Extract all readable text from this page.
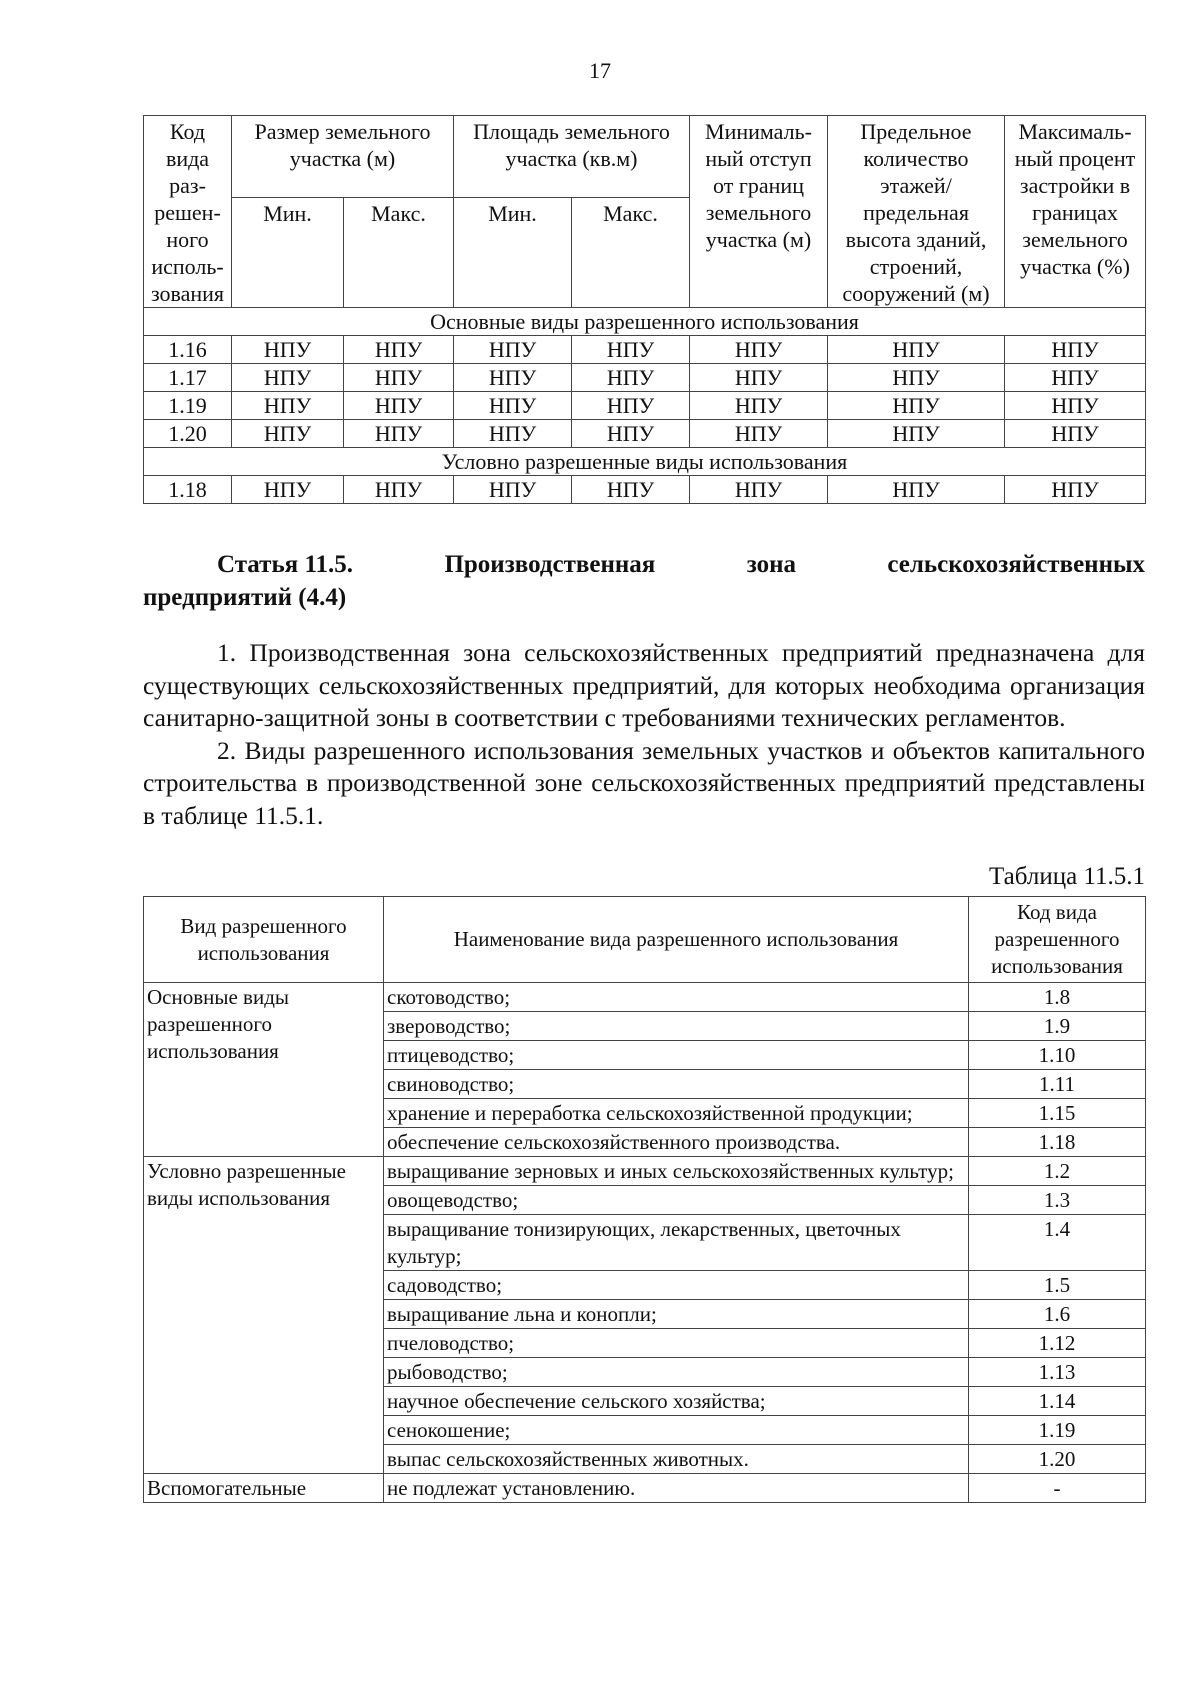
17
Код вида раз-решен-ного исполь-зования	Размер земельного участка (м)		Площадь земельного участка (кв.м)		Минималь-ный отступ от границ земельного участка (м)	Предельное количество этажей/ предельная высота зданий, строений, сооружений (м)	Максималь-ный процент застройки в границах земельного участка (%)
	Мин.	Макс.	Мин.	Макс.			
Основные виды разрешенного использования							
1.16	НПУ	НПУ	НПУ	НПУ	НПУ	НПУ	НПУ
1.17	НПУ	НПУ	НПУ	НПУ	НПУ	НПУ	НПУ
1.19	НПУ	НПУ	НПУ	НПУ	НПУ	НПУ	НПУ
1.20	НПУ	НПУ	НПУ	НПУ	НПУ	НПУ	НПУ
Условно разрешенные виды использования							
1.18	НПУ	НПУ	НПУ	НПУ	НПУ	НПУ	НПУ
Статья 11.5.	Производственная	зона	сельскохозяйственных
предприятий (4.4)

1. Производственная зона сельскохозяйственных предприятий предназначена для существующих сельскохозяйственных предприятий, для которых необходима организация санитарно-защитной зоны в соответствии с требованиями технических регламентов.

2. Виды разрешенного использования земельных участков и объектов капитального строительства в производственной зоне сельскохозяйственных предприятий представлены в таблице 11.5.1.

Таблица 11.5.1
Вид разрешенного использования	Наименование вида разрешенного использования	Код вида разрешенного использования
Основные виды разрешенного использования	скотоводство;	1.8
	звероводство;	1.9
	птицеводство;	1.10
	свиноводство;	1.11
	хранение и переработка сельскохозяйственной продукции;	1.15
	обеспечение сельскохозяйственного производства.	1.18
Условно разрешенные виды использования	выращивание зерновых и иных сельскохозяйственных культур;	1.2
	овощеводство;	1.3
	выращивание тонизирующих, лекарственных, цветочных культур;	1.4
	садоводство;	1.5
	выращивание льна и конопли;	1.6
	пчеловодство;	1.12
	рыбоводство;	1.13
	научное обеспечение сельского хозяйства;	1.14
	сенокошение;	1.19
	выпас сельскохозяйственных животных.	1.20
Вспомогательные	не подлежат установлению.	-
